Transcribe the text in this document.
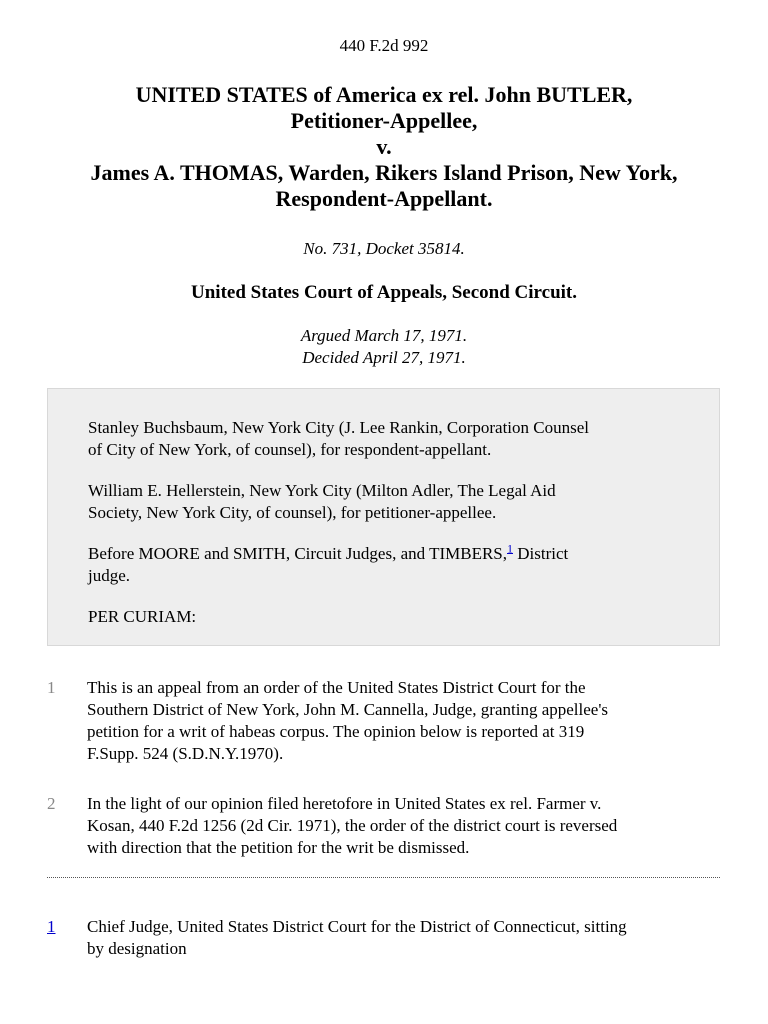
440 F.2d 992
UNITED STATES of America ex rel. John BUTLER,
Petitioner-Appellee,
v.
James A. THOMAS, Warden, Rikers Island Prison, New York,
Respondent-Appellant.
No. 731, Docket 35814.
United States Court of Appeals, Second Circuit.
Argued March 17, 1971.
Decided April 27, 1971.

Stanley Buchsbaum, New York City (J. Lee Rankin, Corporation Counsel
of City of New York, of counsel), for respondent-appellant.

William E. Hellerstein, New York City (Milton Adler, The Legal Aid
Society, New York City, of counsel), for petitioner-appellee.

Before MOORE and SMITH, Circuit Judges, and TIMBERS,$^1$ District
judge.

PER CURIAM:

1 This is an appeal from an order of the United States District Court for the
Southern District of New York, John M. Cannella, Judge, granting appellee's
petition for a writ of habeas corpus. The opinion below is reported at 319
F.Supp. 524 (S.D.N.Y.1970).

2 In the light of our opinion filed heretofore in United States ex rel. Farmer v.
Kosan, 440 F.2d 1256 (2d Cir. 1971), the order of the district court is reversed
with direction that the petition for the writ be dismissed.

1 Chief Judge, United States District Court for the District of Connecticut, sitting
by designation
